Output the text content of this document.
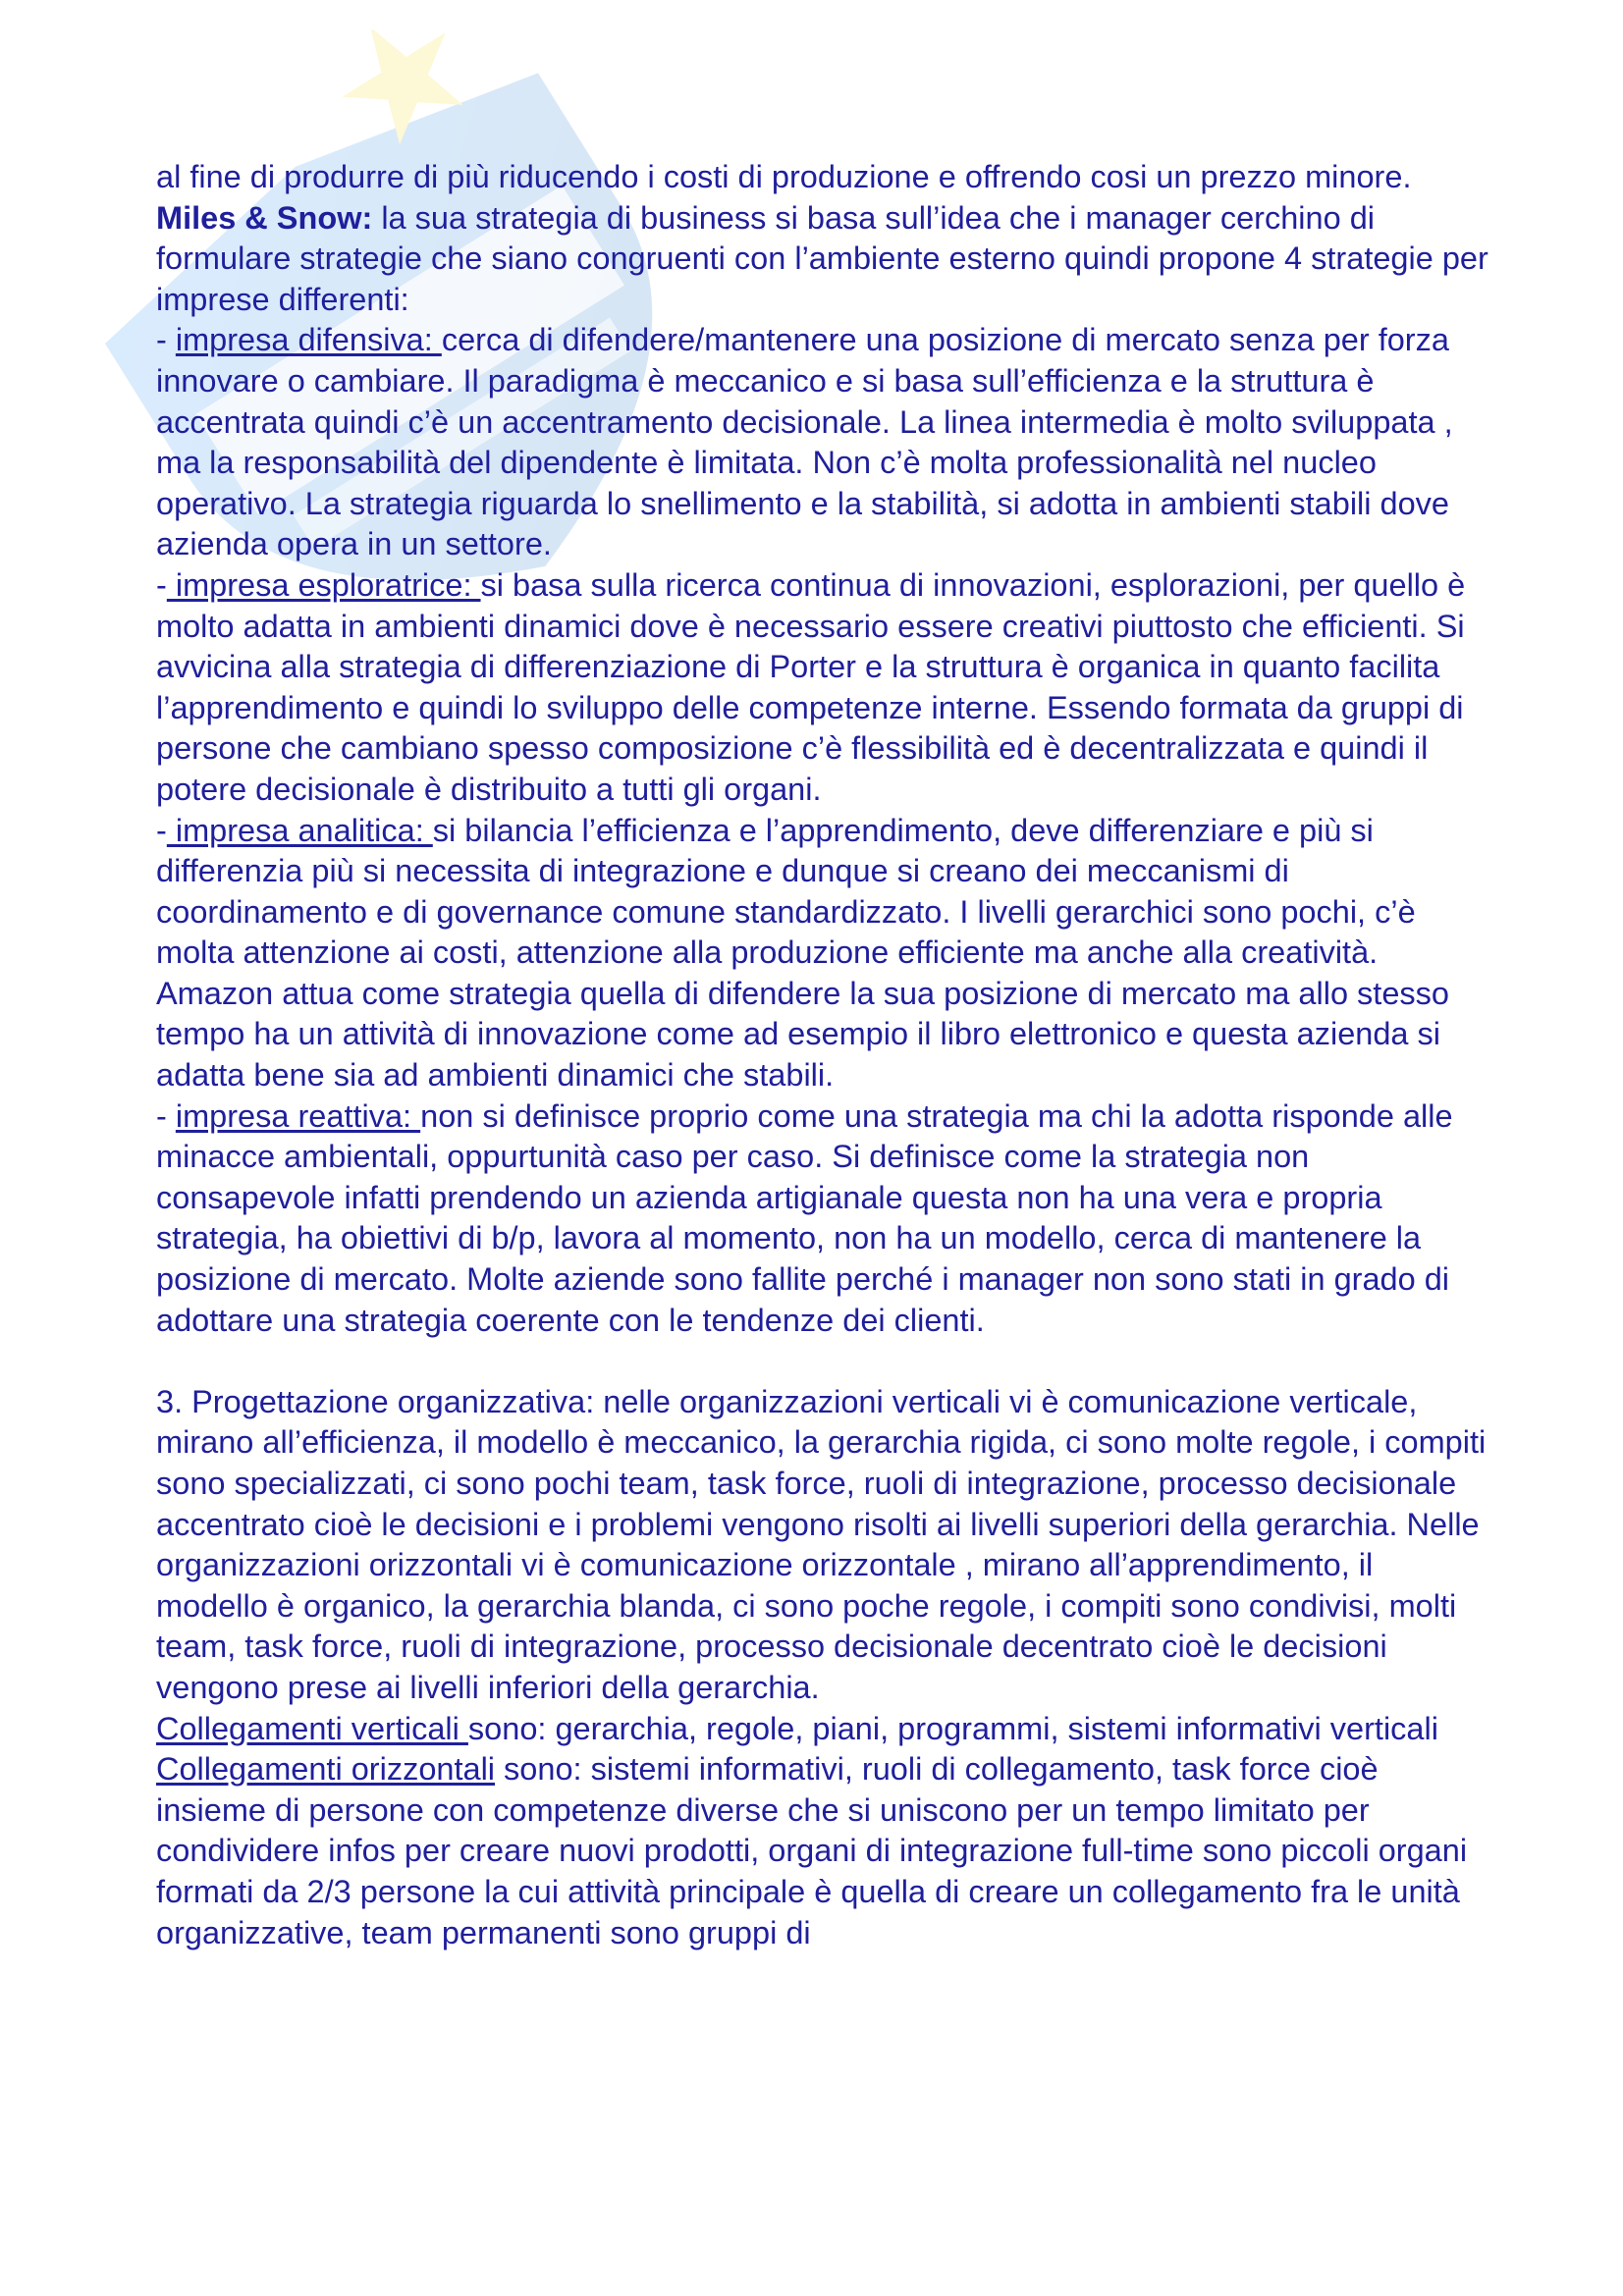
al fine di produrre di più riducendo i costi di produzione e offrendo cosi un prezzo minore. Miles & Snow: la sua strategia di business si basa sull’idea che i manager cerchino di formulare strategie che siano congruenti con l’ambiente esterno quindi propone 4 strategie per imprese differenti:

- impresa difensiva: cerca di difendere/mantenere una posizione di mercato senza per forza innovare o cambiare. Il paradigma è meccanico e si basa sull’efficienza e la struttura è accentrata quindi c’è un accentramento decisionale. La linea intermedia è molto sviluppata , ma la responsabilità del dipendente è limitata. Non c’è molta professionalità nel nucleo operativo. La strategia riguarda lo snellimento e la stabilità, si adotta in ambienti stabili dove azienda opera in un settore.

- impresa esploratrice: si basa sulla ricerca continua di innovazioni, esplorazioni, per quello è molto adatta in ambienti dinamici dove è necessario essere creativi piuttosto che efficienti. Si avvicina alla strategia di differenziazione di Porter e la struttura è organica in quanto facilita l’apprendimento e quindi lo sviluppo delle competenze interne. Essendo formata da gruppi di persone che cambiano spesso composizione c’è flessibilità ed è decentralizzata e quindi il potere decisionale è distribuito a tutti gli organi.

- impresa analitica: si bilancia l’efficienza e l’apprendimento, deve differenziare e più si differenzia più si necessita di integrazione e dunque si creano dei meccanismi di coordinamento e di governance comune standardizzato. I livelli gerarchici sono pochi, c’è molta attenzione ai costi, attenzione alla produzione efficiente ma anche alla creatività. Amazon attua come strategia quella di difendere la sua posizione di mercato ma allo stesso tempo ha un attività di innovazione come ad esempio il libro elettronico e questa azienda si adatta bene sia ad ambienti dinamici che stabili.

- impresa reattiva: non si definisce proprio come una strategia ma chi la adotta risponde alle minacce ambientali, oppurtunità caso per caso. Si definisce come la strategia non consapevole infatti prendendo un azienda artigianale questa non ha una vera e propria strategia, ha obiettivi di b/p, lavora al momento, non ha un modello, cerca di mantenere la posizione di mercato. Molte aziende sono fallite perché i manager non sono stati in grado di adottare una strategia coerente con le tendenze dei clienti.

3. Progettazione organizzativa: nelle organizzazioni verticali vi è comunicazione verticale, mirano all’efficienza, il modello è meccanico, la gerarchia rigida, ci sono molte regole, i compiti sono specializzati, ci sono pochi team, task force, ruoli di integrazione, processo decisionale accentrato cioè le decisioni e i problemi vengono risolti ai livelli superiori della gerarchia. Nelle organizzazioni orizzontali vi è comunicazione orizzontale , mirano all’apprendimento, il modello è organico, la gerarchia blanda, ci sono poche regole, i compiti sono condivisi, molti team, task force, ruoli di integrazione, processo decisionale decentrato cioè le decisioni vengono prese ai livelli inferiori della gerarchia.

Collegamenti verticali sono: gerarchia, regole, piani, programmi, sistemi informativi verticali

Collegamenti orizzontali sono: sistemi informativi, ruoli di collegamento, task force cioè insieme di persone con competenze diverse che si uniscono per un tempo limitato per condividere infos per creare nuovi prodotti, organi di integrazione full-time sono piccoli organi formati da 2/3 persone la cui attività principale è quella di creare un collegamento fra le unità organizzative, team permanenti sono gruppi di
